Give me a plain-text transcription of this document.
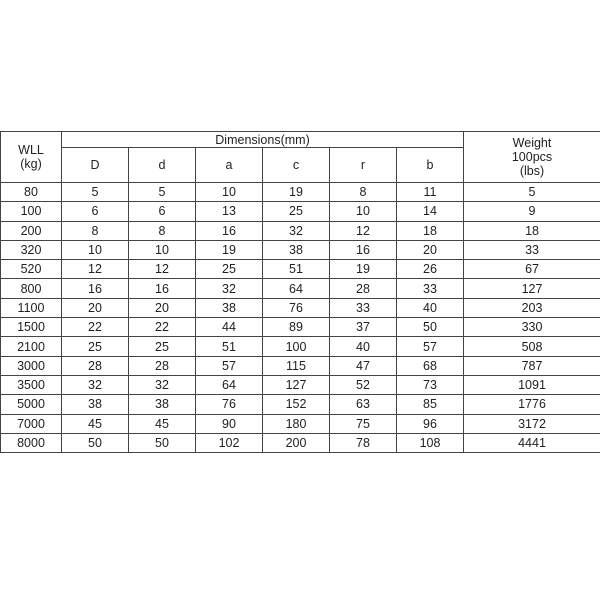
WLL
(kg)	Dimensions(mm)						Weight
100pcs
(lbs)
	D	d	a	c	r	b	
80	5	5	10	19	8	11	5
100	6	6	13	25	10	14	9
200	8	8	16	32	12	18	18
320	10	10	19	38	16	20	33
520	12	12	25	51	19	26	67
800	16	16	32	64	28	33	127
1100	20	20	38	76	33	40	203
1500	22	22	44	89	37	50	330
2100	25	25	51	100	40	57	508
3000	28	28	57	115	47	68	787
3500	32	32	64	127	52	73	1091
5000	38	38	76	152	63	85	1776
7000	45	45	90	180	75	96	3172
8000	50	50	102	200	78	108	4441
